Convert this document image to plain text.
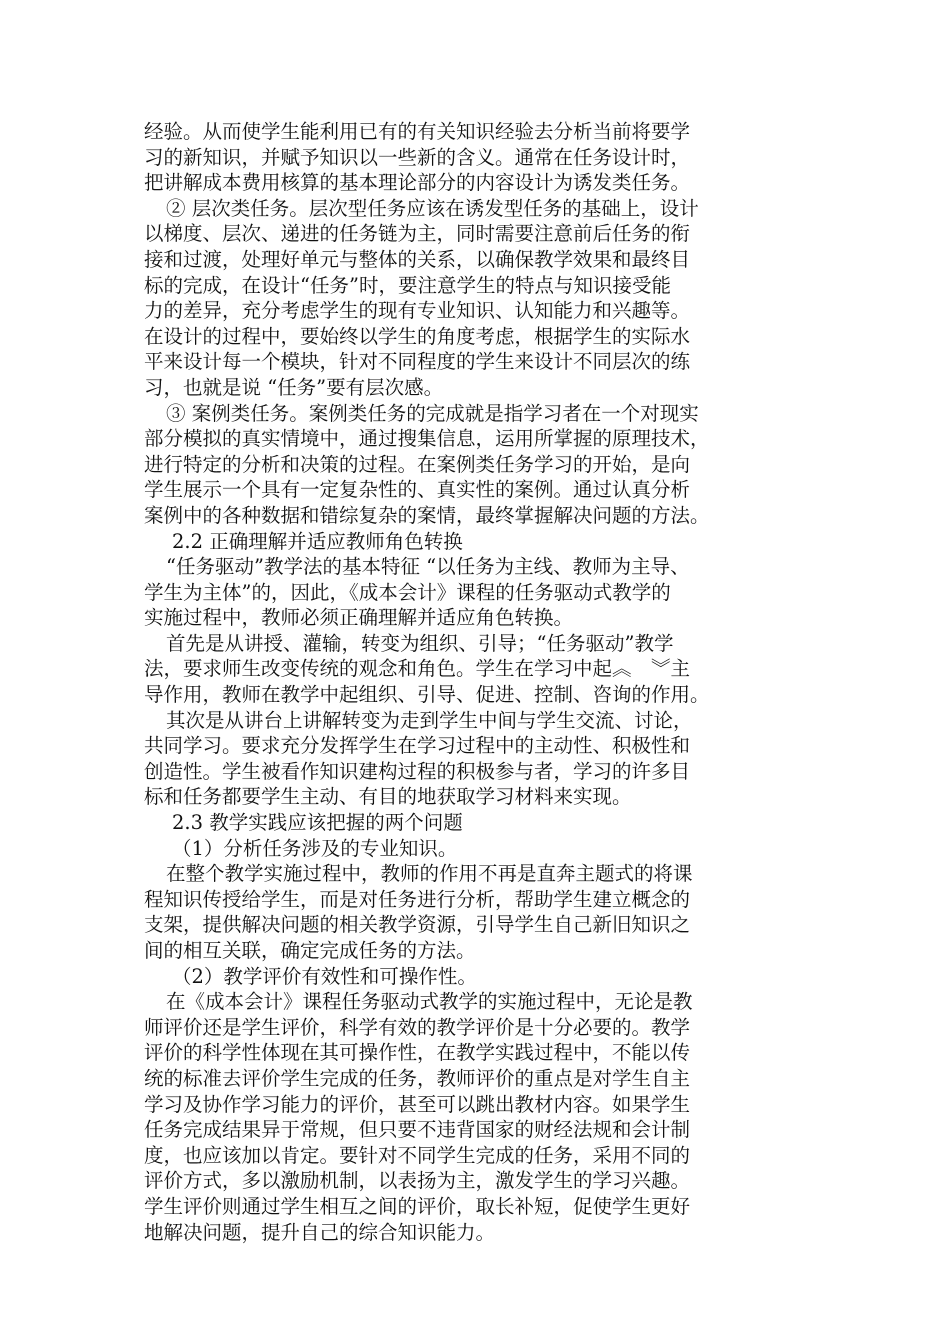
经验。从而使学生能利用已有的有关知识经验去分析当前将要学
习的新知识，并赋予知识以一些新的含义。通常在任务设计时，
把讲解成本费用核算的基本理论部分的内容设计为诱发类任务。
② 层次类任务。层次型任务应该在诱发型任务的基础上，设计
以梯度、层次、递进的任务链为主，同时需要注意前后任务的衔
接和过渡，处理好单元与整体的关系，以确保教学效果和最终目
标的完成，在设计“任务”时，要注意学生的特点与知识接受能
力的差异，充分考虑学生的现有专业知识、认知能力和兴趣等。
在设计的过程中，要始终以学生的角度考虑，根据学生的实际水
平来设计每一个模块，针对不同程度的学生来设计不同层次的练
习，也就是说 “任务”要有层次感。
③ 案例类任务。案例类任务的完成就是指学习者在一个对现实
部分模拟的真实情境中，通过搜集信息，运用所掌握的原理技术，
进行特定的分析和决策的过程。在案例类任务学习的开始，是向
学生展示一个具有一定复杂性的、真实性的案例。通过认真分析
案例中的各种数据和错综复杂的案情，最终掌握解决问题的方法。
2.2 正确理解并适应教师角色转换
“任务驱动”教学法的基本特征 “以任务为主线、教师为主导、
学生为主体”的，因此，《成本会计》课程的任务驱动式教学的
实施过程中，教师必须正确理解并适应角色转换。
首先是从讲授、灌输，转变为组织、引导；“任务驱动”教学
法，要求师生改变传统的观念和角色。学生在学习中起︽　︾主
导作用，教师在教学中起组织、引导、促进、控制、咨询的作用。
其次是从讲台上讲解转变为走到学生中间与学生交流、讨论，
共同学习。要求充分发挥学生在学习过程中的主动性、积极性和
创造性。学生被看作知识建构过程的积极参与者，学习的许多目
标和任务都要学生主动、有目的地获取学习材料来实现。
2.3 教学实践应该把握的两个问题
（1）分析任务涉及的专业知识。
在整个教学实施过程中，教师的作用不再是直奔主题式的将课
程知识传授给学生，而是对任务进行分析，帮助学生建立概念的
支架，提供解决问题的相关教学资源，引导学生自己新旧知识之
间的相互关联，确定完成任务的方法。
（2）教学评价有效性和可操作性。
在《成本会计》课程任务驱动式教学的实施过程中，无论是教
师评价还是学生评价，科学有效的教学评价是十分必要的。教学
评价的科学性体现在其可操作性，在教学实践过程中，不能以传
统的标准去评价学生完成的任务，教师评价的重点是对学生自主
学习及协作学习能力的评价，甚至可以跳出教材内容。如果学生
任务完成结果异于常规，但只要不违背国家的财经法规和会计制
度，也应该加以肯定。要针对不同学生完成的任务，采用不同的
评价方式，多以激励机制，以表扬为主，激发学生的学习兴趣。
学生评价则通过学生相互之间的评价，取长补短，促使学生更好
地解决问题，提升自己的综合知识能力。
